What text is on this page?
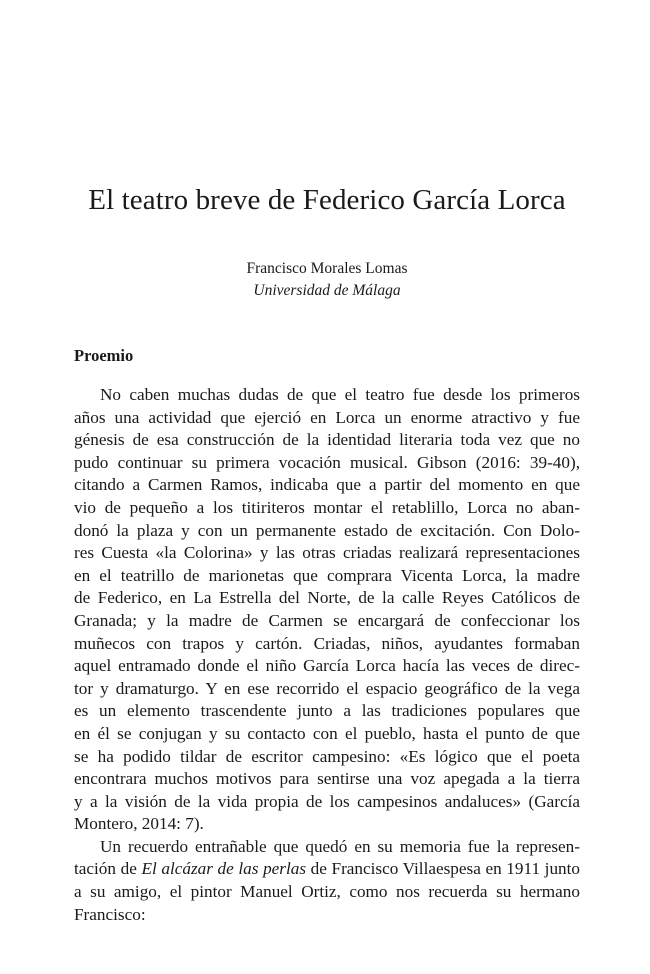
El teatro breve de Federico García Lorca

Francisco Morales Lomas

Universidad de Málaga

Proemio
No caben muchas dudas de que el teatro fue desde los primeros
años una actividad que ejerció en Lorca un enorme atractivo y fue
génesis de esa construcción de la identidad literaria toda vez que no
pudo continuar su primera vocación musical. Gibson (2016: 39-40),
citando a Carmen Ramos, indicaba que a partir del momento en que
vio de pequeño a los titiriteros montar el retablillo, Lorca no aban-
donó la plaza y con un permanente estado de excitación. Con Dolo-
res Cuesta «la Colorina» y las otras criadas realizará representaciones
en el teatrillo de marionetas que comprara Vicenta Lorca, la madre
de Federico, en La Estrella del Norte, de la calle Reyes Católicos de
Granada; y la madre de Carmen se encargará de confeccionar los
muñecos con trapos y cartón. Criadas, niños, ayudantes formaban
aquel entramado donde el niño García Lorca hacía las veces de direc-
tor y dramaturgo. Y en ese recorrido el espacio geográfico de la vega
es un elemento trascendente junto a las tradiciones populares que
en él se conjugan y su contacto con el pueblo, hasta el punto de que
se ha podido tildar de escritor campesino: «Es lógico que el poeta
encontrara muchos motivos para sentirse una voz apegada a la tierra
y a la visión de la vida propia de los campesinos andaluces» (García
Montero, 2014: 7).
Un recuerdo entrañable que quedó en su memoria fue la represen-
tación de El alcázar de las perlas de Francisco Villaespesa en 1911 junto
a su amigo, el pintor Manuel Ortiz, como nos recuerda su hermano
Francisco:
